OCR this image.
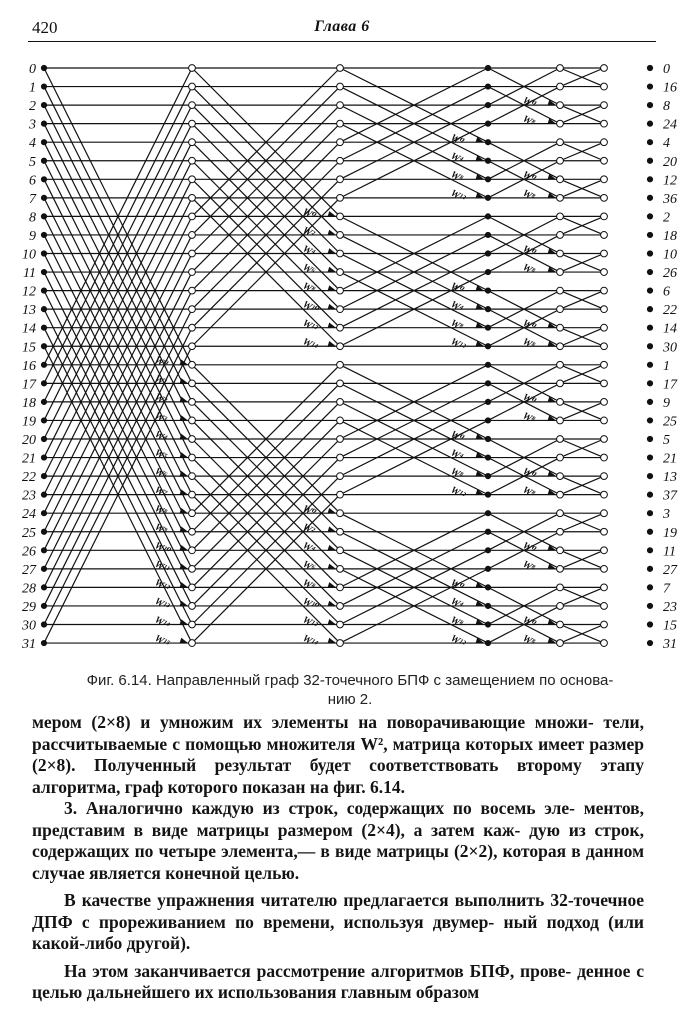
420	Глава 6
W⁰
W¹
W²
W³
W⁴
W⁵
W⁶
W⁷
W⁸
W⁹
W¹⁰
W¹¹
W¹²
W¹³
W¹⁴
W¹⁵
W⁰
W²
W⁴
W⁶
W⁸
W¹⁰
W¹²
W¹⁴
W⁰
W²
W⁴
W⁶
W⁸
W¹⁰
W¹²
W¹⁴
W⁰
W⁴
W⁸
W¹²
W⁰
W⁴
W⁸
W¹²
W⁰
W⁴
W⁸
W¹²
W⁰
W⁴
W⁸
W¹²
W⁰
W⁸
W⁰
W⁸
W⁰
W⁸
W⁰
W⁸
W⁰
W⁸
W⁰
W⁸
W⁰
W⁸
W⁰
W⁸
0
1
2
3
4
5
6
7
8
9
10
11
12
13
14
15
16
17
18
19
20
21
22
23
24
25
26
27
28
29
30
31
0
16
8
24
4
20
12
36
2
18
10
26
6
22
14
30
1
17
9
25
5
21
13
37
3
19
11
27
7
23
15
31
Фиг. 6.14. Направленный граф 32-точечного БПФ с замещением по основа-
нию 2.

мером (2×8) и умножим их элементы на поворачивающие множи- тели, рассчитываемые с помощью множителя W², матрица которых имеет размер (2×8). Полученный результат будет соответствовать второму этапу алгоритма, граф которого показан на фиг. 6.14.

3. Аналогично каждую из строк, содержащих по восемь эле- ментов, представим в виде матрицы размером (2×4), а затем каж- дую из строк, содержащих по четыре элемента,— в виде матрицы (2×2), которая в данном случае является конечной целью.

В качестве упражнения читателю предлагается выполнить 32-точечное ДПФ с прореживанием по времени, используя двумер- ный подход (или какой-либо другой).

На этом заканчивается рассмотрение алгоритмов БПФ, прове- денное с целью дальнейшего их использования главным образом
